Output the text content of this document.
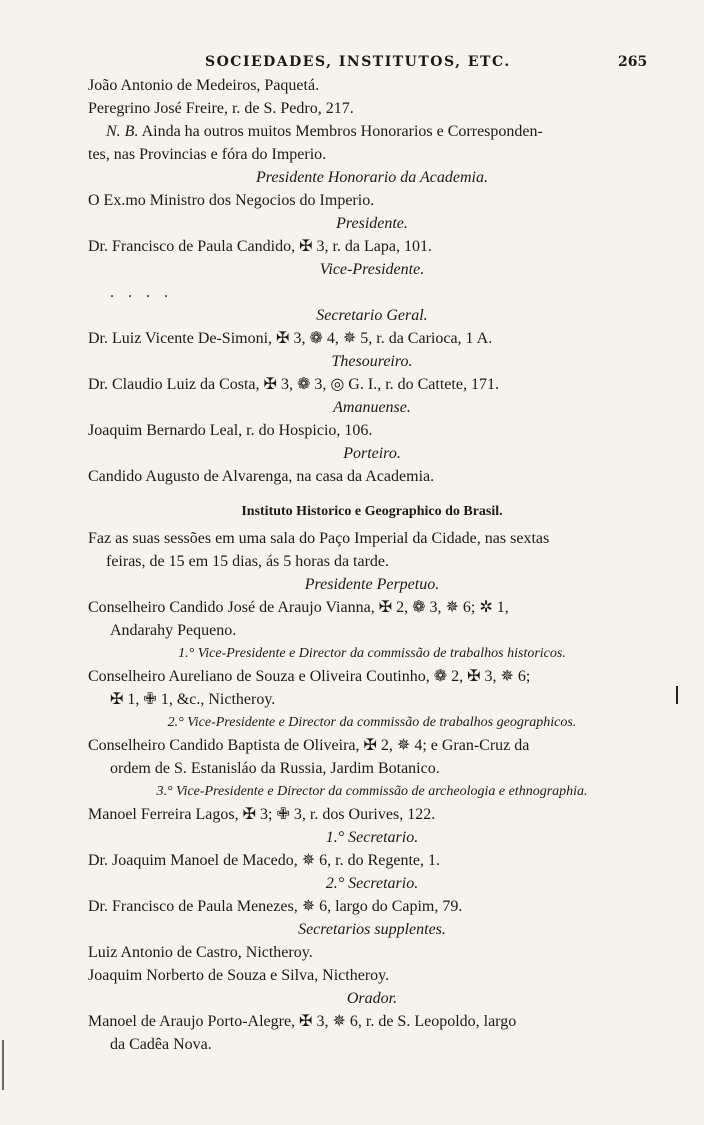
SOCIEDADES, INSTITUTOS, ETC.	265
João Antonio de Medeiros, Paquetá.
Peregrino José Freire, r. de S. Pedro, 217.
N. B. Ainda ha outros muitos Membros Honorarios e Corresponden-
tes, nas Provincias e fóra do Imperio.
Presidente Honorario da Academia.
O Ex.mo Ministro dos Negocios do Imperio.
Presidente.
Dr. Francisco de Paula Candido, ✠ 3, r. da Lapa, 101.
Vice-Presidente.
....
Secretario Geral.
Dr. Luiz Vicente De-Simoni, ✠ 3, ❁ 4, ✵ 5, r. da Carioca, 1 A.
Thesoureiro.
Dr. Claudio Luiz da Costa, ✠ 3, ❁ 3, ◎ G. I., r. do Cattete, 171.
Amanuense.
Joaquim Bernardo Leal, r. do Hospicio, 106.
Porteiro.
Candido Augusto de Alvarenga, na casa da Academia.
Instituto Historico e Geographico do Brasil.
Faz as suas sessões em uma sala do Paço Imperial da Cidade, nas sextas
feiras, de 15 em 15 dias, ás 5 horas da tarde.
Presidente Perpetuo.
Conselheiro Candido José de Araujo Vianna, ✠ 2, ❁ 3, ✵ 6; ✲ 1,
Andarahy Pequeno.
1.° Vice-Presidente e Director da commissão de trabalhos historicos.
Conselheiro Aureliano de Souza e Oliveira Coutinho, ❁ 2, ✠ 3, ✵ 6;
✠ 1, ✙ 1, &c., Nictheroy.
2.° Vice-Presidente e Director da commissão de trabalhos geographicos.
Conselheiro Candido Baptista de Oliveira, ✠ 2, ✵ 4; e Gran-Cruz da
ordem de S. Estanisláo da Russia, Jardim Botanico.
3.° Vice-Presidente e Director da commissão de archeologia e ethnographia.
Manoel Ferreira Lagos, ✠ 3; ✙ 3, r. dos Ourives, 122.
1.° Secretario.
Dr. Joaquim Manoel de Macedo, ✵ 6, r. do Regente, 1.
2.° Secretario.
Dr. Francisco de Paula Menezes, ✵ 6, largo do Capim, 79.
Secretarios supplentes.
Luiz Antonio de Castro, Nictheroy.
Joaquim Norberto de Souza e Silva, Nictheroy.
Orador.
Manoel de Araujo Porto-Alegre, ✠ 3, ✵ 6, r. de S. Leopoldo, largo
da Cadêa Nova.
